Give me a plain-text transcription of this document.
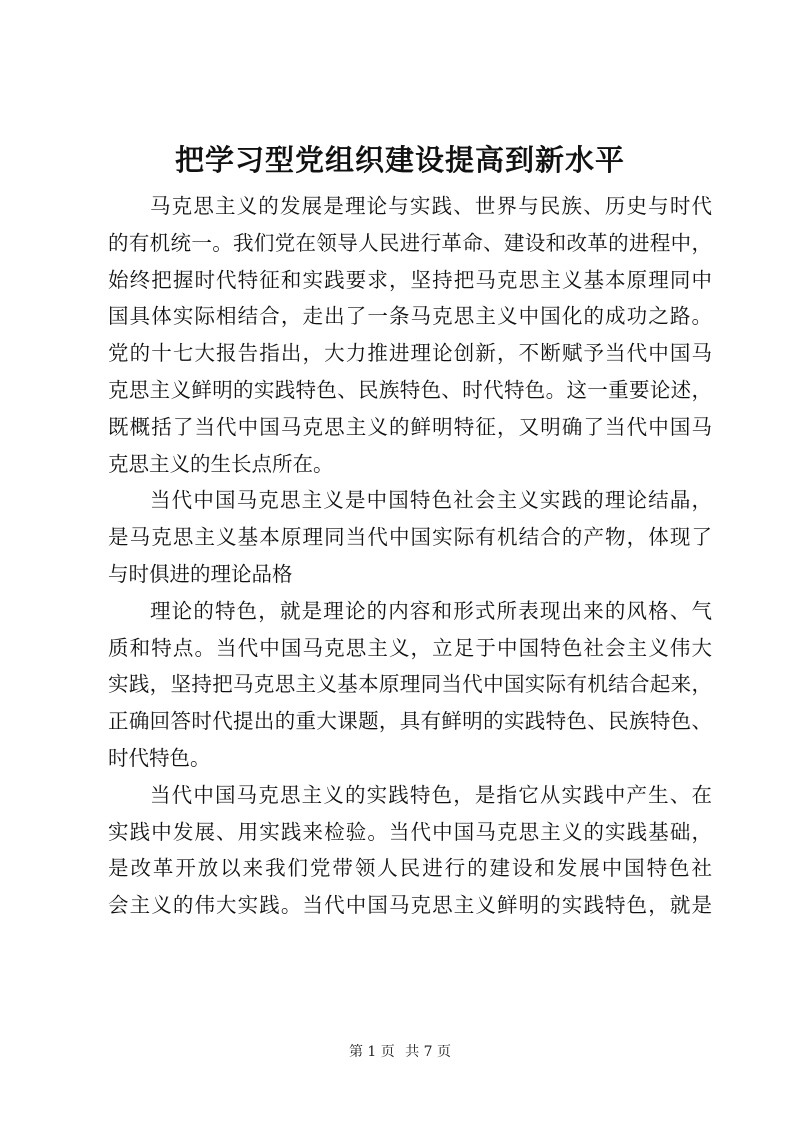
把学习型党组织建设提高到新水平
马克思主义的发展是理论与实践、世界与民族、历史与时代
的有机统一。我们党在领导人民进行革命、建设和改革的进程中，
始终把握时代特征和实践要求，坚持把马克思主义基本原理同中
国具体实际相结合，走出了一条马克思主义中国化的成功之路。
党的十七大报告指出，大力推进理论创新，不断赋予当代中国马
克思主义鲜明的实践特色、民族特色、时代特色。这一重要论述，
既概括了当代中国马克思主义的鲜明特征，又明确了当代中国马
克思主义的生长点所在。
当代中国马克思主义是中国特色社会主义实践的理论结晶，
是马克思主义基本原理同当代中国实际有机结合的产物，体现了
与时俱进的理论品格
理论的特色，就是理论的内容和形式所表现出来的风格、气
质和特点。当代中国马克思主义，立足于中国特色社会主义伟大
实践，坚持把马克思主义基本原理同当代中国实际有机结合起来，
正确回答时代提出的重大课题，具有鲜明的实践特色、民族特色、
时代特色。
当代中国马克思主义的实践特色，是指它从实践中产生、在
实践中发展、用实践来检验。当代中国马克思主义的实践基础，
是改革开放以来我们党带领人民进行的建设和发展中国特色社
会主义的伟大实践。当代中国马克思主义鲜明的实践特色，就是
第 1 页 共 7 页
